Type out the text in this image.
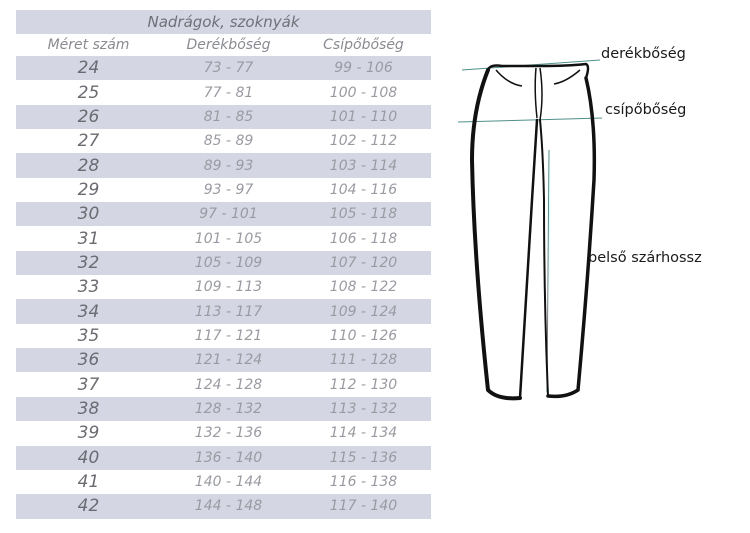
Nadrágok, szoknyák
Méret szám	Derékbőség	Csípőbőség
24	73 - 77	99 - 106
25	77 - 81	100 - 108
26	81 - 85	101 - 110
27	85 - 89	102 - 112
28	89 - 93	103 - 114
29	93 - 97	104 - 116
30	97 - 101	105 - 118
31	101 - 105	106 - 118
32	105 - 109	107 - 120
33	109 - 113	108 - 122
34	113 - 117	109 - 124
35	117 - 121	110 - 126
36	121 - 124	111 - 128
37	124 - 128	112 - 130
38	128 - 132	113 - 132
39	132 - 136	114 - 134
40	136 - 140	115 - 136
41	140 - 144	116 - 138
42	144 - 148	117 - 140
derékbőség
csípőbőség
belső szárhossz
